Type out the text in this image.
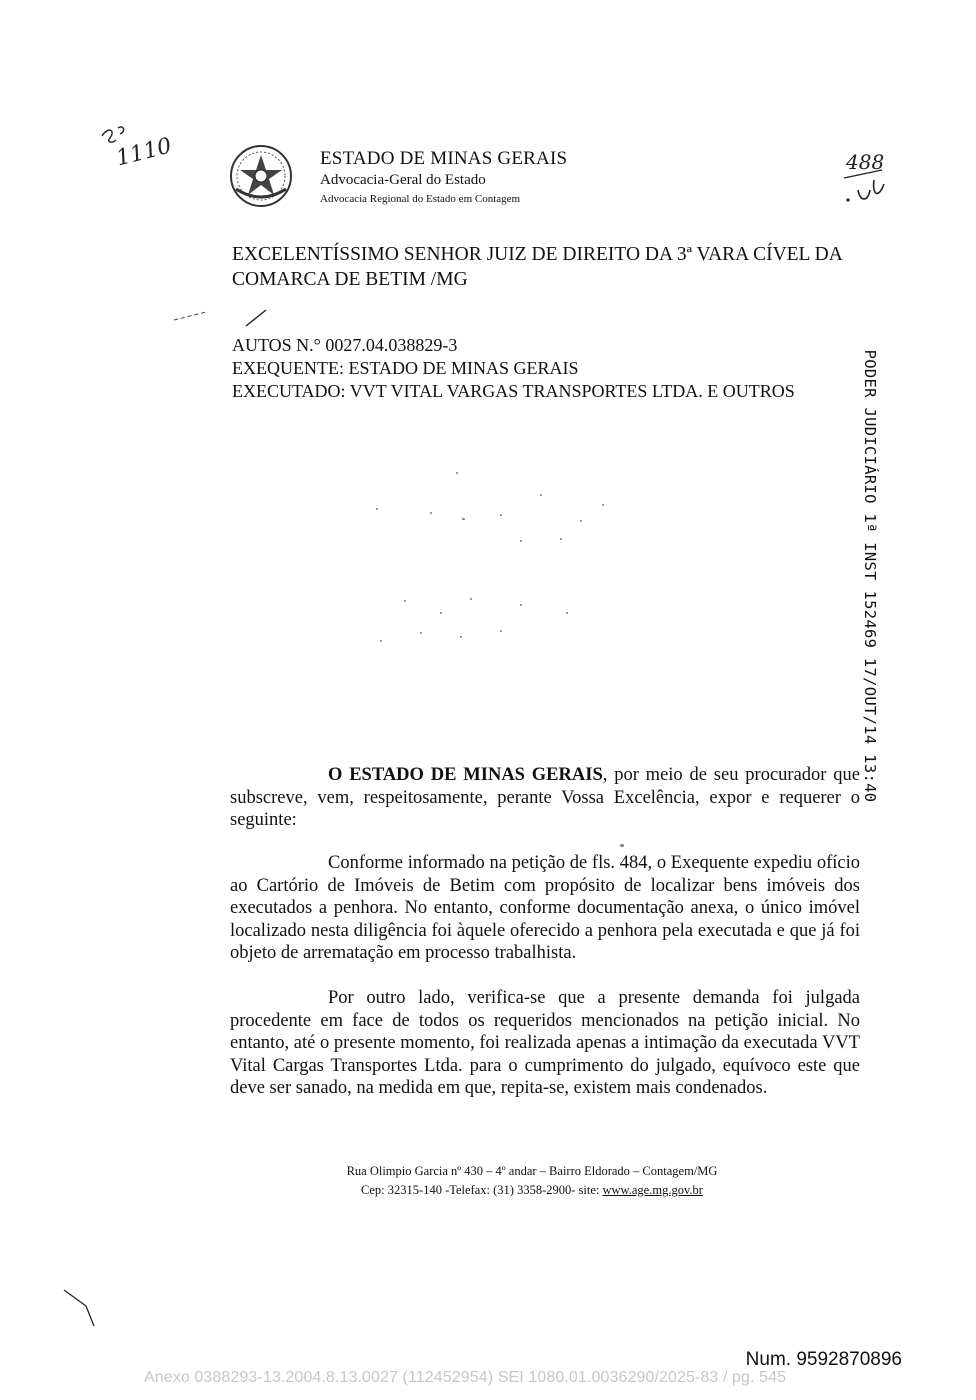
1110	ESTADO DE MINAS GERAIS
Advocacia-Geral do Estado
Advocacia Regional do Estado em Contagem
488
EXCELENTÍSSIMO SENHOR JUIZ DE DIREITO DA 3ª VARA CÍVEL DA COMARCA DE BETIM /MG
AUTOS N.° 0027.04.038829-3
EXEQUENTE: ESTADO DE MINAS GERAIS
EXECUTADO: VVT VITAL VARGAS TRANSPORTES LTDA. E OUTROS	PODER JUDICIÁRIO 1ª INST 152469 17/OUT/14 13:40
O ESTADO DE MINAS GERAIS, por meio de seu procurador que subscreve, vem, respeitosamente, perante Vossa Excelência, expor e requerer o seguinte:
Conforme informado na petição de fls. 484, o Exequente expediu ofício ao Cartório de Imóveis de Betim com propósito de localizar bens imóveis dos executados a penhora. No entanto, conforme documentação anexa, o único imóvel localizado nesta diligência foi àquele oferecido a penhora pela executada e que já foi objeto de arrematação em processo trabalhista.
Por outro lado, verifica-se que a presente demanda foi julgada procedente em face de todos os requeridos mencionados na petição inicial. No entanto, até o presente momento, foi realizada apenas a intimação da executada VVT Vital Cargas Transportes Ltda. para o cumprimento do julgado, equívoco este que deve ser sanado, na medida em que, repita-se, existem mais condenados.
Rua Olimpio Garcia nº 430 – 4º andar – Bairro Eldorado – Contagem/MG
Cep: 32315-140 -Telefax: (31) 3358-2900- site: www.age.mg.gov.br
Num. 9592870896
Anexo 0388293-13.2004.8.13.0027 (112452954) SEI 1080.01.0036290/2025-83 / pg. 545
